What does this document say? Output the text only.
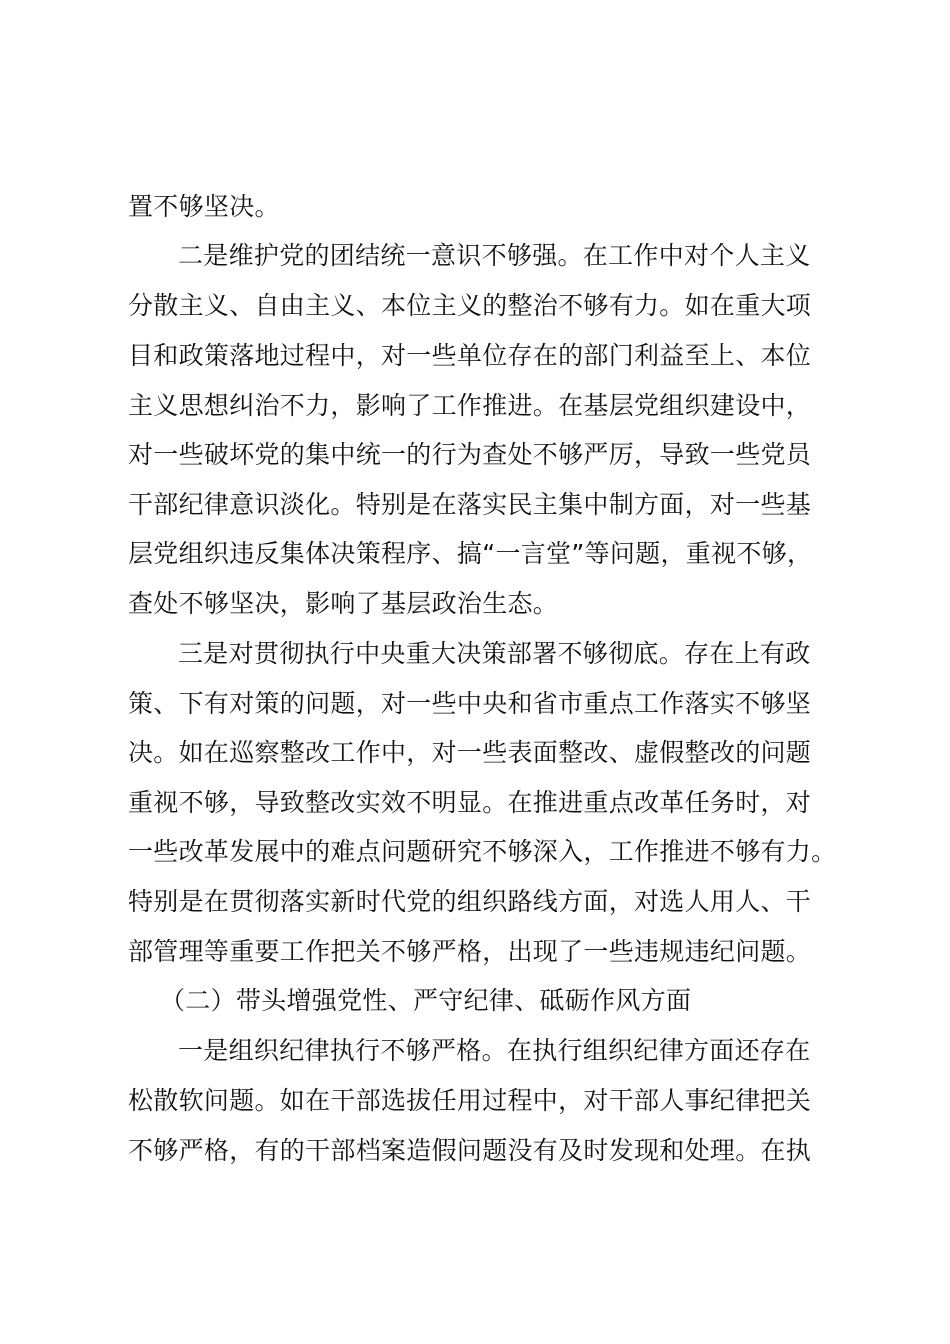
置不够坚决。
二是维护党的团结统一意识不够强。在工作中对个人主义
分散主义、自由主义、本位主义的整治不够有力。如在重大项
目和政策落地过程中，对一些单位存在的部门利益至上、本位
主义思想纠治不力，影响了工作推进。在基层党组织建设中，
对一些破坏党的集中统一的行为查处不够严厉，导致一些党员
干部纪律意识淡化。特别是在落实民主集中制方面，对一些基
层党组织违反集体决策程序、搞“一言堂”等问题，重视不够，
查处不够坚决，影响了基层政治生态。
三是对贯彻执行中央重大决策部署不够彻底。存在上有政
策、下有对策的问题，对一些中央和省市重点工作落实不够坚
决。如在巡察整改工作中，对一些表面整改、虚假整改的问题
重视不够，导致整改实效不明显。在推进重点改革任务时，对
一些改革发展中的难点问题研究不够深入，工作推进不够有力。
特别是在贯彻落实新时代党的组织路线方面，对选人用人、干
部管理等重要工作把关不够严格，出现了一些违规违纪问题。
（二）带头增强党性、严守纪律、砥砺作风方面
一是组织纪律执行不够严格。在执行组织纪律方面还存在
松散软问题。如在干部选拔任用过程中，对干部人事纪律把关
不够严格，有的干部档案造假问题没有及时发现和处理。在执
